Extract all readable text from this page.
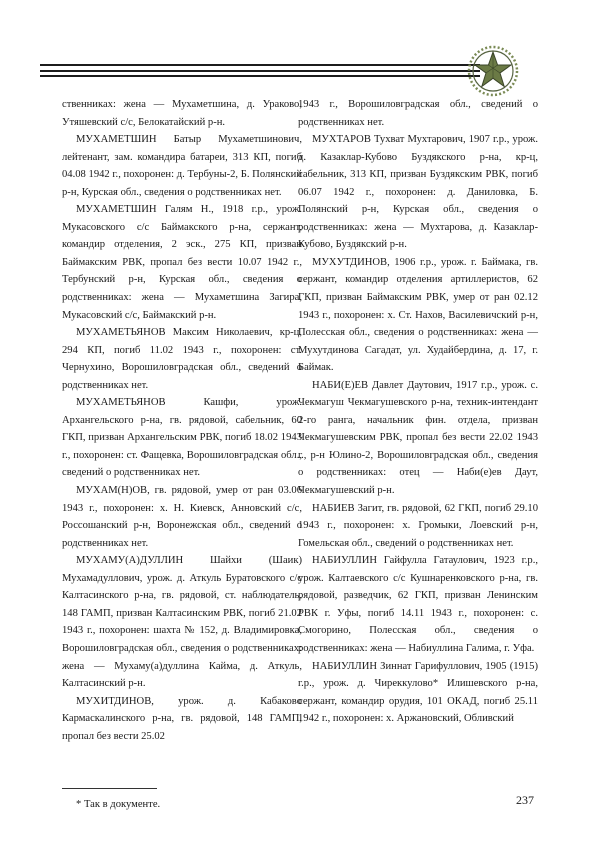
ственниках: жена — Мухаметшина, д. Ураково, Утяшевский с/с, Белокатайский р-н.

МУХАМЕТШИН Батыр Мухаметшинович, лейтенант, зам. командира батареи, 313 КП, погиб 04.08 1942 г., похоронен: д. Тербуны-2, Б. Полянский р-н, Курская обл., сведения о родственниках нет.

МУХАМЕТШИН Галям Н., 1918 г.р., урож. Мукасовского с/с Баймакского р-на, сержант, командир отделения, 2 эск., 275 КП, призван Баймакским РВК, пропал без вести 10.07 1942 г., Тербунский р-н, Курская обл., сведения о родственниках: жена — Мухаметшина Загира, Мукасовский с/с, Баймакский р-н.

МУХАМЕТЬЯНОВ Максим Николаевич, кр-ц, 294 КП, погиб 11.02 1943 г., похоронен: ст. Чернухино, Ворошиловградская обл., сведений о родственниках нет.

МУХАМЕТЬЯНОВ Кашфи, урож. Архангельского р-на, гв. рядовой, сабельник, 60 ГКП, призван Архангельским РВК, погиб 18.02 1943 г., похоронен: ст. Фащевка, Ворошиловградская обл., сведений о родственниках нет.

МУХАМ(Н)ОВ, гв. рядовой, умер от ран 03.06 1943 г., похоронен: х. Н. Киевск, Анновский с/с, Россошанский р-н, Воронежская обл., сведений о родственниках нет.

МУХАМУ(А)ДУЛЛИН Шайхи (Шаик) Мухамадуллович, урож. д. Аткуль Буратовского с/с Калтасинского р-на, гв. рядовой, ст. наблюдатель, 148 ГАМП, призван Калтасинским РВК, погиб 21.02 1943 г., похоронен: шахта № 152, д. Владимировка, Ворошиловградская обл., сведения о родственниках: жена — Мухаму(а)дуллина Кайма, д. Аткуль, Калтасинский р-н.

МУХИТДИНОВ, урож. д. Кабаково Кармаскалинского р-на, гв. рядовой, 148 ГАМП, пропал без вести 25.02

1943 г., Ворошиловградская обл., сведений о родственниках нет.

МУХТАРОВ Тухват Мухтарович, 1907 г.р., урож. д. Казаклар-Кубово Буздякского р-на, кр-ц, сабельник, 313 КП, призван Буздякским РВК, погиб 06.07 1942 г., похоронен: д. Даниловка, Б. Полянский р-н, Курская обл., сведения о родственниках: жена — Мухтарова, д. Казаклар-Кубово, Буздякский р-н.

МУХУТДИНОВ, 1906 г.р., урож. г. Баймака, гв. сержант, командир отделения артиллеристов, 62 ГКП, призван Баймакским РВК, умер от ран 02.12 1943 г., похоронен: х. Ст. Нахов, Василевичский р-н, Полесская обл., сведения о родственниках: жена — Мухутдинова Сагадат, ул. Худайбердина, д. 17, г. Баймак.

НАБИ(Е)ЕВ Давлет Даутович, 1917 г.р., урож. с. Чекмагуш Чекмагушевского р-на, техник-интендант 2-го ранга, начальник фин. отдела, призван Чекмагушевским РВК, пропал без вести 22.02 1943 г., р-н Юлино-2, Ворошиловградская обл., сведения о родственниках: отец — Наби(е)ев Даут, Чекмагушевский р-н.

НАБИЕВ Загит, гв. рядовой, 62 ГКП, погиб 29.10 1943 г., похоронен: х. Громыки, Лоевский р-н, Гомельская обл., сведений о родственниках нет.

НАБИУЛЛИН Гайфулла Гатаулович, 1923 г.р., урож. Калтаевского с/с Кушнаренковского р-на, гв. рядовой, разведчик, 62 ГКП, призван Ленинским РВК г. Уфы, погиб 14.11 1943 г., похоронен: с. Смогорино, Полесская обл., сведения о родственниках: жена — Набиуллина Галима, г. Уфа.

НАБИУЛЛИН Зиннат Гарифуллович, 1905 (1915) г.р., урож. д. Чиреккулово* Илишевского р-на, сержант, командир орудия, 101 ОКАД, погиб 25.11 1942 г., похоронен: х. Аржановский, Обливский

* Так в документе.	237
